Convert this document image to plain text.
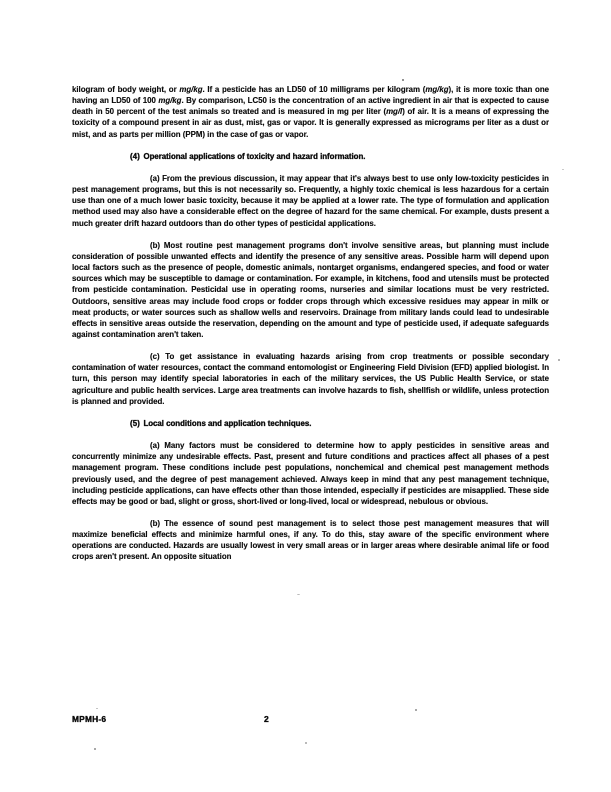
kilogram of body weight, or mg/kg. If a pesticide has an LD50 of 10 milligrams per kilogram (mg/kg), it is more toxic than one having an LD50 of 100 mg/kg. By comparison, LC50 is the concentration of an active ingredient in air that is expected to cause death in 50 percent of the test animals so treated and is measured in mg per liter (mg/l) of air. It is a means of expressing the toxicity of a compound present in air as dust, mist, gas or vapor. It is generally expressed as micrograms per liter as a dust or mist, and as parts per million (PPM) in the case of gas or vapor.

(4) Operational applications of toxicity and hazard information.

(a) From the previous discussion, it may appear that it's always best to use only low-toxicity pesticides in pest management programs, but this is not necessarily so. Frequently, a highly toxic chemical is less hazardous for a certain use than one of a much lower basic toxicity, because it may be applied at a lower rate. The type of formulation and application method used may also have a considerable effect on the degree of hazard for the same chemical. For example, dusts present a much greater drift hazard outdoors than do other types of pesticidal applications.

(b) Most routine pest management programs don't involve sensitive areas, but planning must include consideration of possible unwanted effects and identify the presence of any sensitive areas. Possible harm will depend upon local factors such as the presence of people, domestic animals, nontarget organisms, endangered species, and food or water sources which may be susceptible to damage or contamination. For example, in kitchens, food and utensils must be protected from pesticide contamination. Pesticidal use in operating rooms, nurseries and similar locations must be very restricted. Outdoors, sensitive areas may include food crops or fodder crops through which excessive residues may appear in milk or meat products, or water sources such as shallow wells and reservoirs. Drainage from military lands could lead to undesirable effects in sensitive areas outside the reservation, depending on the amount and type of pesticide used, if adequate safeguards against contamination aren't taken.

(c) To get assistance in evaluating hazards arising from crop treatments or possible secondary contamination of water resources, contact the command entomologist or Engineering Field Division (EFD) applied biologist. In turn, this person may identify special laboratories in each of the military services, the US Public Health Service, or state agriculture and public health services. Large area treatments can involve hazards to fish, shellfish or wildlife, unless protection is planned and provided.

(5) Local conditions and application techniques.

(a) Many factors must be considered to determine how to apply pesticides in sensitive areas and concurrently minimize any undesirable effects. Past, present and future conditions and practices affect all phases of a pest management program. These conditions include pest populations, nonchemical and chemical pest management methods previously used, and the degree of pest management achieved. Always keep in mind that any pest management technique, including pesticide applications, can have effects other than those intended, especially if pesticides are misapplied. These side effects may be good or bad, slight or gross, short-lived or long-lived, local or widespread, nebulous or obvious.

(b) The essence of sound pest management is to select those pest management measures that will maximize beneficial effects and minimize harmful ones, if any. To do this, stay aware of the specific environment where operations are conducted. Hazards are usually lowest in very small areas or in larger areas where desirable animal life or food crops aren't present. An opposite situation

MPMH-6	2
